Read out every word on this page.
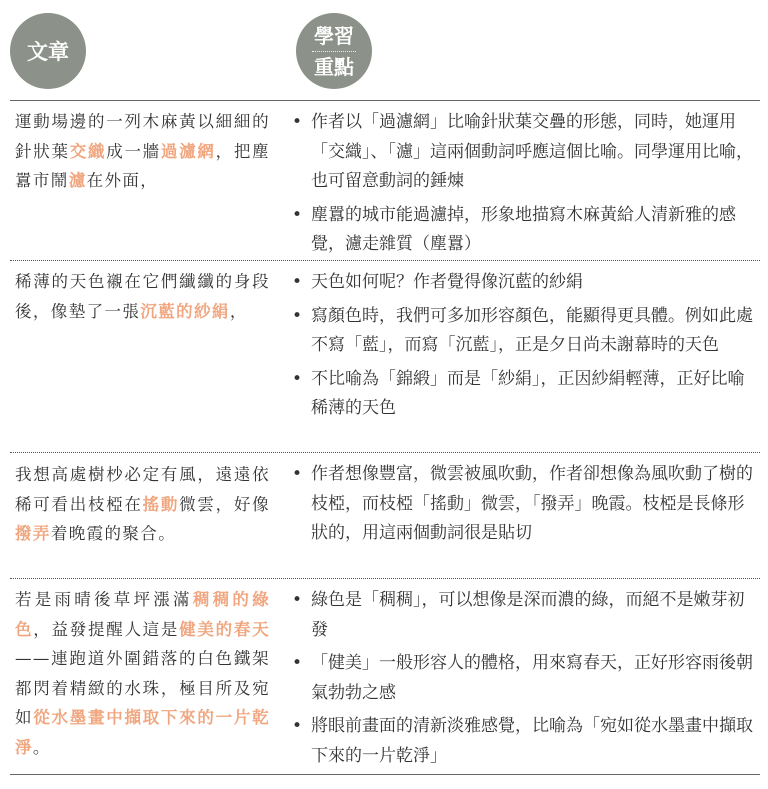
文章
學習
重點
運動場邊的一列木麻黃以細細的針狀葉交織成一牆過濾網，把塵囂市鬧濾在外面，
• 作者以「過濾網」比喻針狀葉交疊的形態，同時，她運用「交織」、「濾」這兩個動詞呼應這個比喻。同學運用比喻，也可留意動詞的錘煉
• 塵囂的城市能過濾掉，形象地描寫木麻黃給人清新雅的感覺，濾走雜質（塵囂）
稀薄的天色襯在它們纖纖的身段後，像墊了一張沉藍的紗絹，
• 天色如何呢？作者覺得像沉藍的紗絹
• 寫顏色時，我們可多加形容顏色，能顯得更具體。例如此處不寫「藍」，而寫「沉藍」，正是夕日尚未謝幕時的天色
• 不比喻為「錦緞」而是「紗絹」，正因紗絹輕薄，正好比喻稀薄的天色
我想高處樹杪必定有風，遠遠依稀可看出枝椏在搖動微雲，好像撥弄着晚霞的聚合。
• 作者想像豐富，微雲被風吹動，作者卻想像為風吹動了樹的枝椏，而枝椏「搖動」微雲，「撥弄」晚霞。枝椏是長條形狀的，用這兩個動詞很是貼切
若是雨晴後草坪漲滿稠稠的綠色，益發提醒人這是健美的春天——連跑道外圍錯落的白色鐵架都閃着精緻的水珠，極目所及宛如從水墨畫中擷取下來的一片乾淨。
• 綠色是「稠稠」，可以想像是深而濃的綠，而絕不是嫩芽初發
• 「健美」一般形容人的體格，用來寫春天，正好形容雨後朝氣勃勃之感
• 將眼前畫面的清新淡雅感覺，比喻為「宛如從水墨畫中擷取下來的一片乾淨」
